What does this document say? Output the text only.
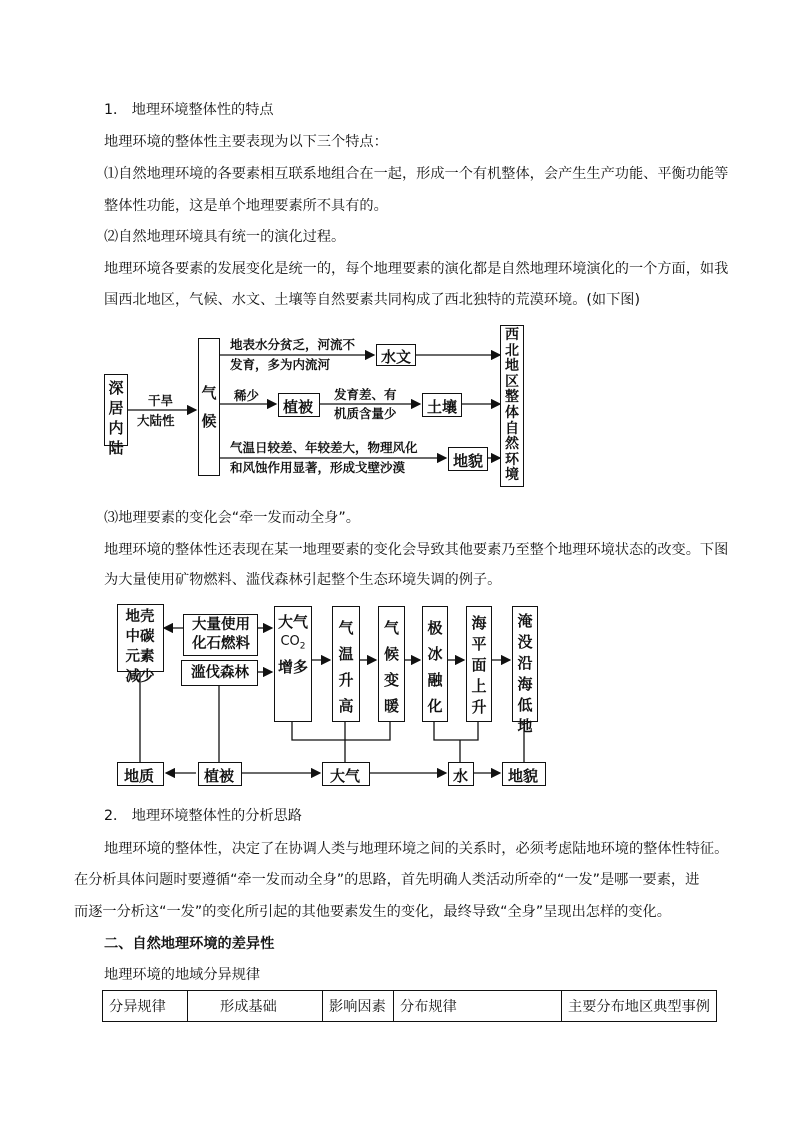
1． 地理环境整体性的特点
地理环境的整体性主要表现为以下三个特点：
⑴自然地理环境的各要素相互联系地组合在一起，形成一个有机整体，会产生生产功能、平衡功能等
整体性功能，这是单个地理要素所不具有的。
⑵自然地理环境具有统一的演化过程。
地理环境各要素的发展变化是统一的，每个地理要素的演化都是自然地理环境演化的一个方面，如我
国西北地区，气候、水文、土壤等自然要素共同构成了西北独特的荒漠环境。(如下图)
深居内陆
干旱
大陆性
气候
地表水分贫乏，河流不
发育，多为内流河	水文
稀少
植被
发育差、有
机质含量少 土壤
气温日较差、年较差大，物理风化
和风蚀作用显著，形成戈壁沙漠	地貌
西北地区整体自然环境
⑶地理要素的变化会“牵一发而动全身”。
地理环境的整体性还表现在某一地理要素的变化会导致其他要素乃至整个地理环境状态的改变。下图
为大量使用矿物燃料、滥伐森林引起整个生态环境失调的例子。
地壳中碳元素减少
大量使用化石燃料
滥伐森林
大气
$CO_2$
增多
气温升高
气候变暖
极冰融化
海平面上升
淹没沿海低地
地质	植被	大气	水	地貌
2． 地理环境整体性的分析思路
地理环境的整体性，决定了在协调人类与地理环境之间的关系时，必须考虑陆地环境的整体性特征。
在分析具体问题时要遵循“牵一发而动全身”的思路，首先明确人类活动所牵的“一发”是哪一要素，进
而逐一分析这“一发”的变化所引起的其他要素发生的变化，最终导致“全身”呈现出怎样的变化。
二、自然地理环境的差异性
地理环境的地域分异规律
分异规律	形成基础	影响因素	分布规律	主要分布地区典型事例
